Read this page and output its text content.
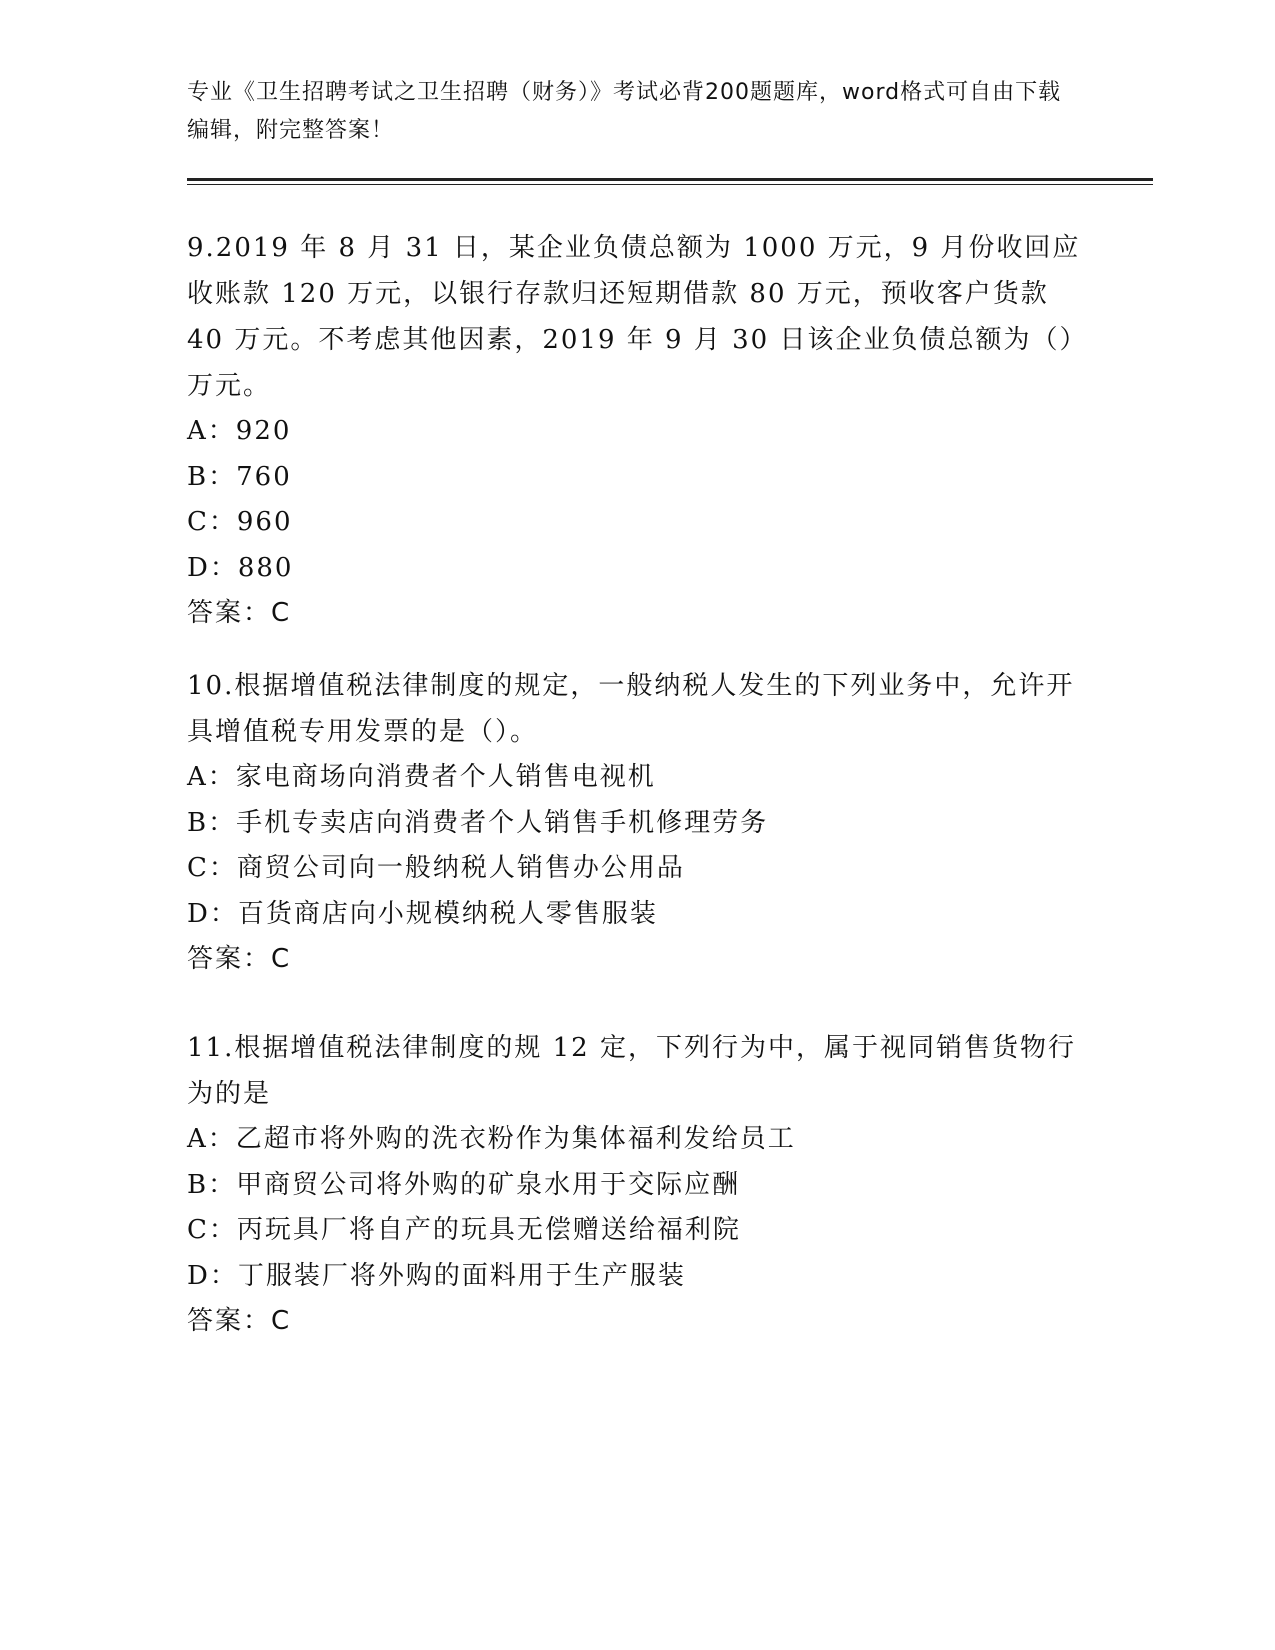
专业《卫生招聘考试之卫生招聘（财务）》考试必背200题题库，word格式可自由下载编辑，附完整答案！

9.2019 年 8 月 31 日，某企业负债总额为 1000 万元，9 月份收回应收账款 120 万元，以银行存款归还短期借款 80 万元，预收客户货款 40 万元。不考虑其他因素，2019 年 9 月 30 日该企业负债总额为（）万元。

A：920

B：760

C：960

D：880

答案：C

10.根据增值税法律制度的规定，一般纳税人发生的下列业务中，允许开具增值税专用发票的是（）。

A：家电商场向消费者个人销售电视机

B：手机专卖店向消费者个人销售手机修理劳务

C：商贸公司向一般纳税人销售办公用品

D：百货商店向小规模纳税人零售服装

答案：C

11.根据增值税法律制度的规 12 定，下列行为中，属于视同销售货物行为的是

A：乙超市将外购的洗衣粉作为集体福利发给员工

B：甲商贸公司将外购的矿泉水用于交际应酬

C：丙玩具厂将自产的玩具无偿赠送给福利院

D：丁服装厂将外购的面料用于生产服装

答案：C
